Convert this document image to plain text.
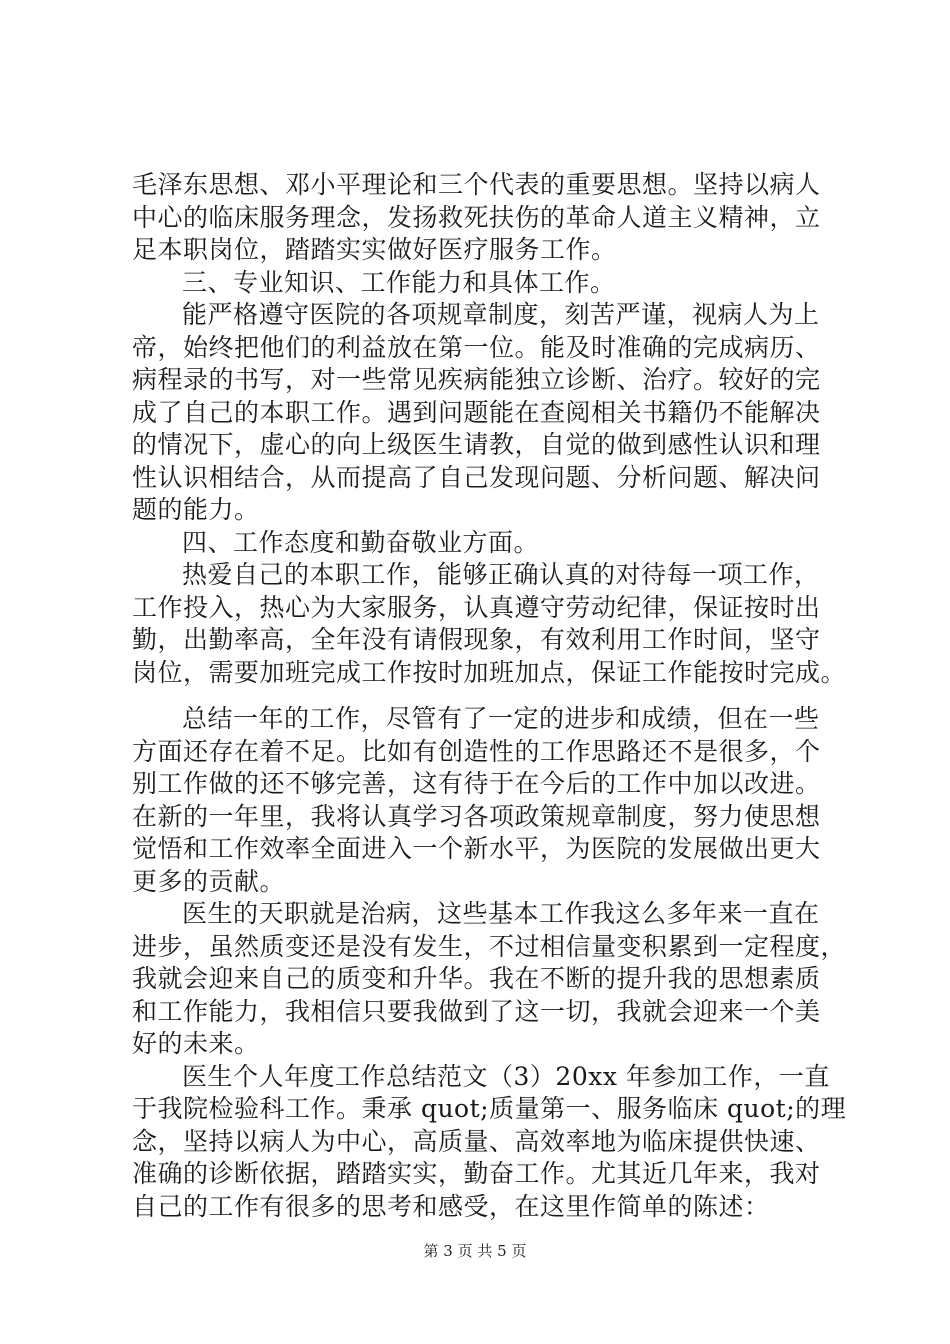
毛泽东思想、邓小平理论和三个代表的重要思想。坚持以病人
中心的临床服务理念，发扬救死扶伤的革命人道主义精神，立
足本职岗位，踏踏实实做好医疗服务工作。
三、专业知识、工作能力和具体工作。
能严格遵守医院的各项规章制度，刻苦严谨，视病人为上
帝，始终把他们的利益放在第一位。能及时准确的完成病历、
病程录的书写，对一些常见疾病能独立诊断、治疗。较好的完
成了自己的本职工作。遇到问题能在查阅相关书籍仍不能解决
的情况下，虚心的向上级医生请教，自觉的做到感性认识和理
性认识相结合，从而提高了自己发现问题、分析问题、解决问
题的能力。
四、工作态度和勤奋敬业方面。
热爱自己的本职工作，能够正确认真的对待每一项工作，
工作投入，热心为大家服务，认真遵守劳动纪律，保证按时出
勤，出勤率高，全年没有请假现象，有效利用工作时间，坚守
岗位，需要加班完成工作按时加班加点，保证工作能按时完成。
总结一年的工作，尽管有了一定的进步和成绩，但在一些
方面还存在着不足。比如有创造性的工作思路还不是很多，个
别工作做的还不够完善，这有待于在今后的工作中加以改进。
在新的一年里，我将认真学习各项政策规章制度，努力使思想
觉悟和工作效率全面进入一个新水平，为医院的发展做出更大
更多的贡献。
医生的天职就是治病，这些基本工作我这么多年来一直在
进步，虽然质变还是没有发生，不过相信量变积累到一定程度，
我就会迎来自己的质变和升华。我在不断的提升我的思想素质
和工作能力，我相信只要我做到了这一切，我就会迎来一个美
好的未来。
医生个人年度工作总结范文（3）20xx 年参加工作，一直
于我院检验科工作。秉承 quot;质量第一、服务临床 quot;的理
第 3 页 共 5 页
念，坚持以病人为中心，高质量、高效率地为临床提供快速、
准确的诊断依据，踏踏实实，勤奋工作。尤其近几年来，我对
自己的工作有很多的思考和感受，在这里作简单的陈述：
